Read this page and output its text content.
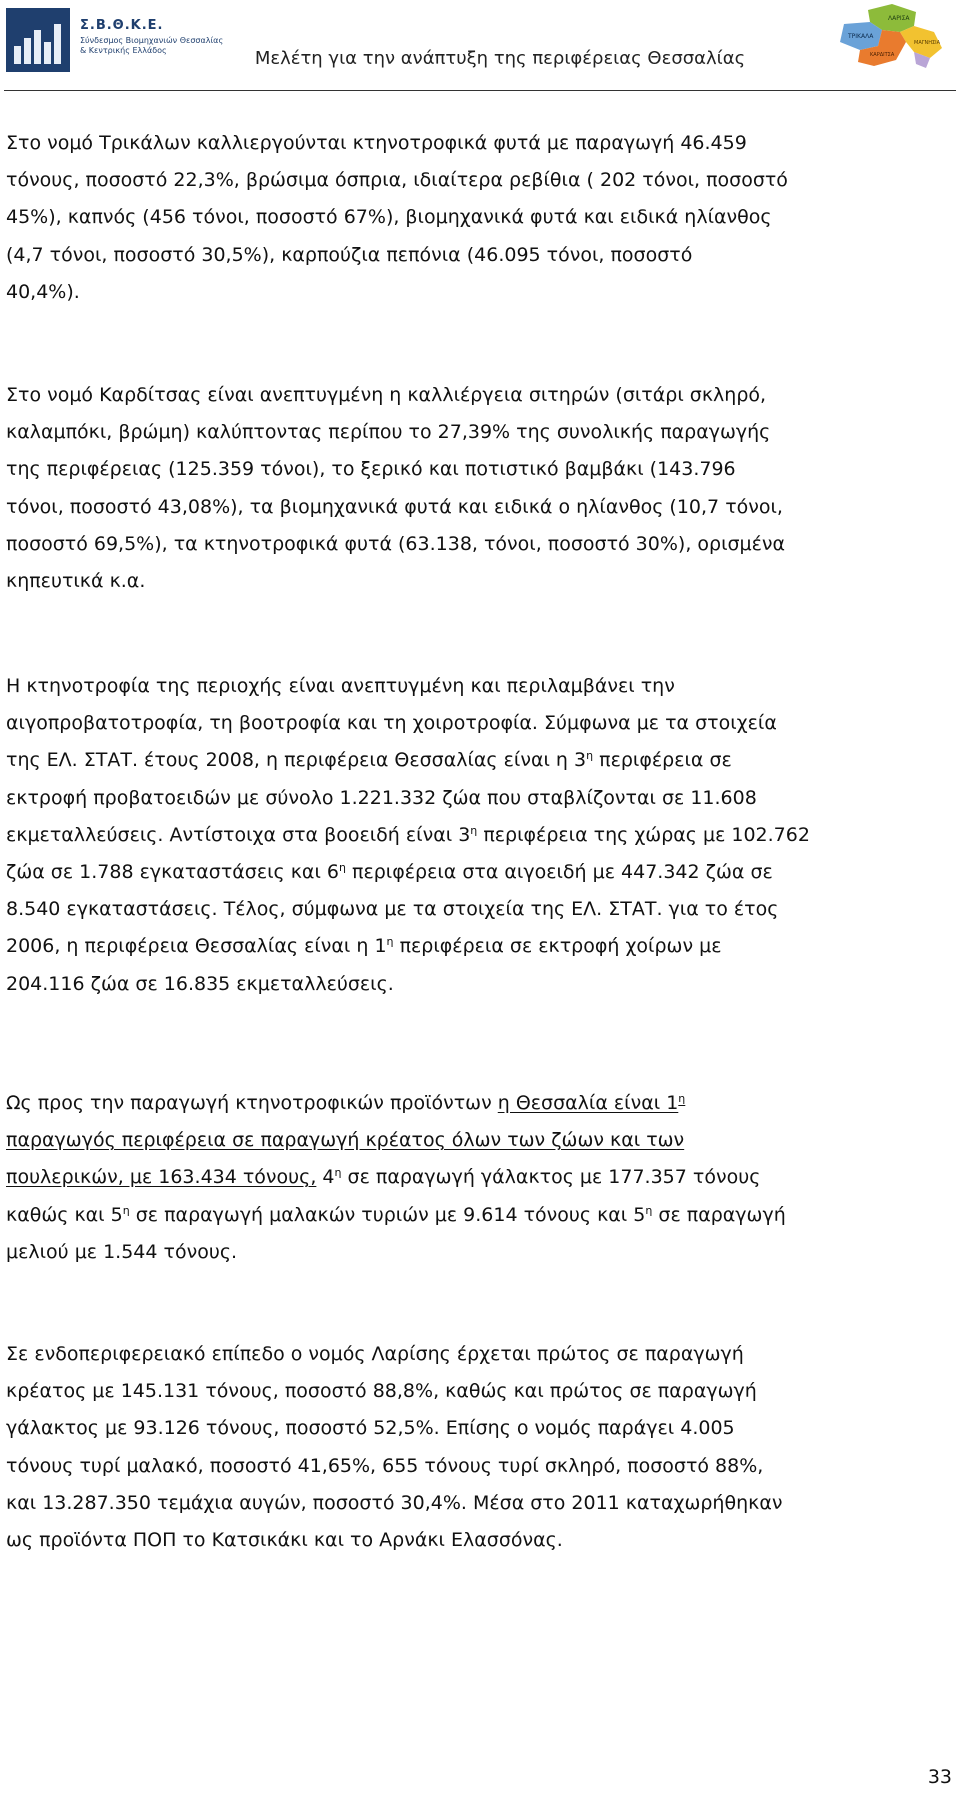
Σ.Β.Θ.Κ.Ε.
Σύνδεσμος Βιομηχανιών Θεσσαλίας & Κεντρικής Ελλάδος	Μελέτη για την ανάπτυξη της περιφέρειας Θεσσαλίας
ΛΑΡΙΣΑ
ΜΑΓΝΗΣΙΑ
ΤΡΙΚΑΛΑ
ΚΑΡΔΙΤΣΑ
Στο νομό Τρικάλων καλλιεργούνται κτηνοτροφικά φυτά με παραγωγή 46.459
τόνους, ποσοστό 22,3%, βρώσιμα όσπρια, ιδιαίτερα ρεβίθια ( 202 τόνοι, ποσοστό
45%), καπνός (456 τόνοι, ποσοστό 67%), βιομηχανικά φυτά και ειδικά ηλίανθος
(4,7 τόνοι, ποσοστό 30,5%), καρπούζια πεπόνια (46.095 τόνοι, ποσοστό
40,4%).
Στο νομό Καρδίτσας είναι ανεπτυγμένη η καλλιέργεια σιτηρών (σιτάρι σκληρό,
καλαμπόκι, βρώμη) καλύπτοντας περίπου το 27,39% της συνολικής παραγωγής
της περιφέρειας (125.359 τόνοι), το ξερικό και ποτιστικό βαμβάκι (143.796
τόνοι, ποσοστό 43,08%), τα βιομηχανικά φυτά και ειδικά ο ηλίανθος (10,7 τόνοι,
ποσοστό 69,5%), τα κτηνοτροφικά φυτά (63.138, τόνοι, ποσοστό 30%), ορισμένα
κηπευτικά κ.α.
Η κτηνοτροφία της περιοχής είναι ανεπτυγμένη και περιλαμβάνει την
αιγοπροβατοτροφία, τη βοοτροφία και τη χοιροτροφία. Σύμφωνα με τα στοιχεία
της ΕΛ. ΣΤΑΤ. έτους 2008, η περιφέρεια Θεσσαλίας είναι η $3^\eta$ περιφέρεια σε
εκτροφή προβατοειδών με σύνολο 1.221.332 ζώα που σταβλίζονται σε 11.608
εκμεταλλεύσεις. Αντίστοιχα στα βοοειδή είναι $3^\eta$ περιφέρεια της χώρας με 102.762
ζώα σε 1.788 εγκαταστάσεις και $6^\eta$ περιφέρεια στα αιγοειδή με 447.342 ζώα σε
8.540 εγκαταστάσεις. Τέλος, σύμφωνα με τα στοιχεία της ΕΛ. ΣΤΑΤ. για το έτος
2006, η περιφέρεια Θεσσαλίας είναι η $1^\eta$ περιφέρεια σε εκτροφή χοίρων με
204.116 ζώα σε 16.835 εκμεταλλεύσεις.
Ως προς την παραγωγή κτηνοτροφικών προϊόντων η Θεσσαλία είναι $1^\eta$
παραγωγός περιφέρεια σε παραγωγή κρέατος όλων των ζώων και των
πουλερικών, με 163.434 τόνους, $4^\eta$ σε παραγωγή γάλακτος με 177.357 τόνους
καθώς και $5^\eta$ σε παραγωγή μαλακών τυριών με 9.614 τόνους και $5^\eta$ σε παραγωγή
μελιού με 1.544 τόνους.
Σε ενδοπεριφερειακό επίπεδο ο νομός Λαρίσης έρχεται πρώτος σε παραγωγή
κρέατος με 145.131 τόνους, ποσοστό 88,8%, καθώς και πρώτος σε παραγωγή
γάλακτος με 93.126 τόνους, ποσοστό 52,5%. Επίσης ο νομός παράγει 4.005
τόνους τυρί μαλακό, ποσοστό 41,65%, 655 τόνους τυρί σκληρό, ποσοστό 88%,
και 13.287.350 τεμάχια αυγών, ποσοστό 30,4%. Μέσα στο 2011 καταχωρήθηκαν
ως προϊόντα ΠΟΠ το Κατσικάκι και το Αρνάκι Ελασσόνας.
33
